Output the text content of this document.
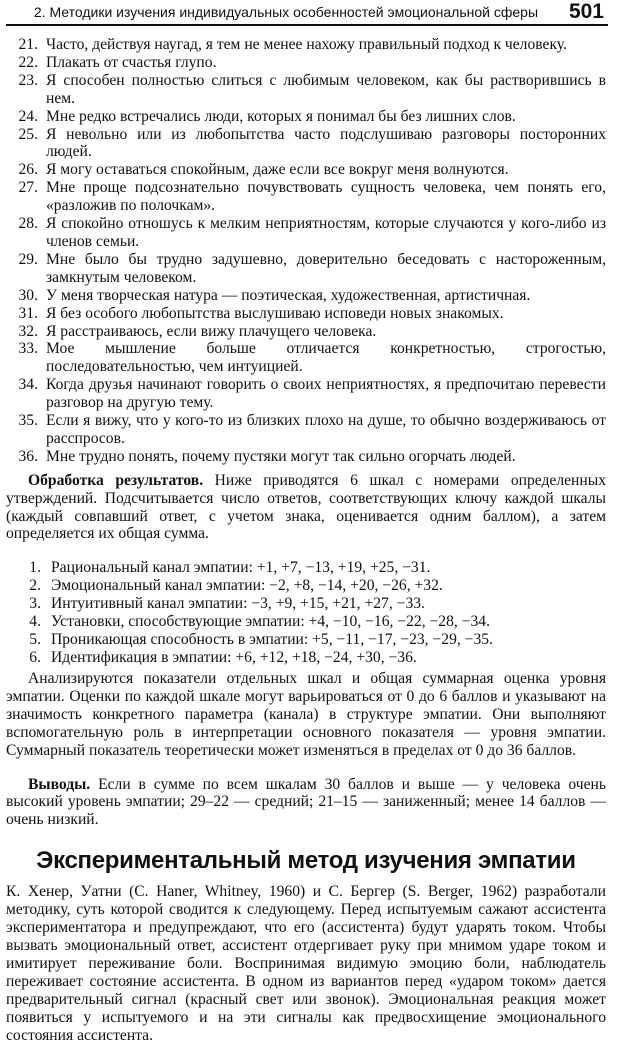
2. Методики изучения индивидуальных особенностей эмоциональной сферы 501
21. Часто, действуя наугад, я тем не менее нахожу правильный подход к человеку.
22. Плакать от счастья глупо.
23. Я способен полностью слиться с любимым человеком, как бы растворившись в нем.
24. Мне редко встречались люди, которых я понимал бы без лишних слов.
25. Я невольно или из любопытства часто подслушиваю разговоры посторонних людей.
26. Я могу оставаться спокойным, даже если все вокруг меня волнуются.
27. Мне проще подсознательно почувствовать сущность человека, чем понять его, «разложив по полочкам».
28. Я спокойно отношусь к мелким неприятностям, которые случаются у кого-либо из членов семьи.
29. Мне было бы трудно задушевно, доверительно беседовать с настороженным, замкнутым человеком.
30. У меня творческая натура — поэтическая, художественная, артистичная.
31. Я без особого любопытства выслушиваю исповеди новых знакомых.
32. Я расстраиваюсь, если вижу плачущего человека.
33. Мое мышление больше отличается конкретностью, строгостью, последовательностью, чем интуицией.
34. Когда друзья начинают говорить о своих неприятностях, я предпочитаю перевести разговор на другую тему.
35. Если я вижу, что у кого-то из близких плохо на душе, то обычно воздерживаюсь от расспросов.
36. Мне трудно понять, почему пустяки могут так сильно огорчать людей.

Обработка результатов. Ниже приводятся 6 шкал с номерами определенных утверждений. Подсчитывается число ответов, соответствующих ключу каждой шкалы (каждый совпавший ответ, с учетом знака, оценивается одним баллом), а затем определяется их общая сумма.

1. Рациональный канал эмпатии: +1, +7, −13, +19, +25, −31.
2. Эмоциональный канал эмпатии: −2, +8, −14, +20, −26, +32.
3. Интуитивный канал эмпатии: −3, +9, +15, +21, +27, −33.
4. Установки, способствующие эмпатии: +4, −10, −16, −22, −28, −34.
5. Проникающая способность в эмпатии: +5, −11, −17, −23, −29, −35.
6. Идентификация в эмпатии: +6, +12, +18, −24, +30, −36.

Анализируются показатели отдельных шкал и общая суммарная оценка уровня эмпатии. Оценки по каждой шкале могут варьироваться от 0 до 6 баллов и указывают на значимость конкретного параметра (канала) в структуре эмпатии. Они выполняют вспомогательную роль в интерпретации основного показателя — уровня эмпатии. Суммарный показатель теоретически может изменяться в пределах от 0 до 36 баллов.

Выводы. Если в сумме по всем шкалам 30 баллов и выше — у человека очень высокий уровень эмпатии; 29–22 — средний; 21–15 — заниженный; менее 14 баллов — очень низкий.

Экспериментальный метод изучения эмпатии

К. Хенер, Уатни (C. Haner, Whitney, 1960) и С. Бергер (S. Berger, 1962) разработали методику, суть которой сводится к следующему. Перед испытуемым сажают ассистента экспериментатора и предупреждают, что его (ассистента) будут ударять током. Чтобы вызвать эмоциональный ответ, ассистент отдергивает руку при мнимом ударе током и имитирует переживание боли. Воспринимая видимую эмоцию боли, наблюдатель переживает состояние ассистента. В одном из вариантов перед «ударом током» дается предварительный сигнал (красный свет или звонок). Эмоциональная реакция может появиться у испытуемого и на эти сигналы как предвосхищение эмоционального состояния ассистента.
